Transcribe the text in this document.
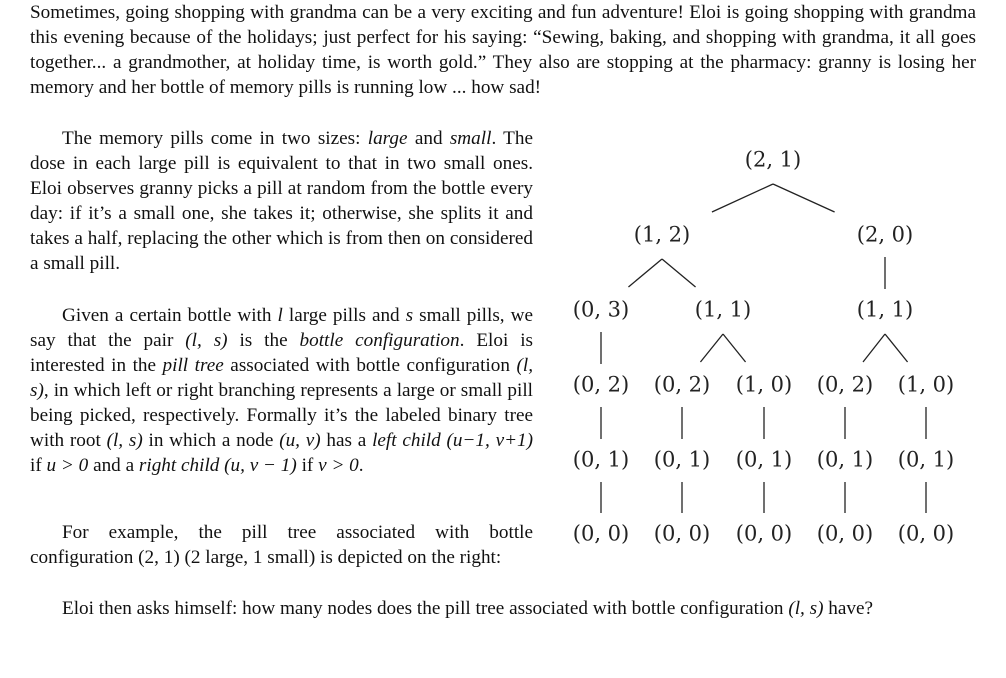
Sometimes, going shopping with grandma can be a very exciting and fun adventure! Eloi is going shopping with grandma this evening because of the holidays; just perfect for his saying: “Sewing, baking, and shopping with grandma, it all goes together... a grandmother, at holiday time, is worth gold.” They also are stopping at the pharmacy: granny is losing her memory and her bottle of memory pills is running low ... how sad!

The memory pills come in two sizes: large and small. The dose in each large pill is equivalent to that in two small ones. Eloi observes granny picks a pill at random from the bottle every day: if it’s a small one, she takes it; otherwise, she splits it and takes a half, replacing the other which is from then on considered a small pill.

Given a certain bottle with l large pills and s small pills, we say that the pair (l, s) is the bottle configuration. Eloi is interested in the pill tree associated with bottle configuration (l, s), in which left or right branching represents a large or small pill being picked, respectively. Formally it’s the labeled binary tree with root (l, s) in which a node (u, v) has a left child (u−1, v+1) if u > 0 and a right child (u, v − 1) if v > 0.

For example, the pill tree associated with bottle configuration (2, 1) (2 large, 1 small) is depicted on the right:

Eloi then asks himself: how many nodes does the pill tree associated with bottle configuration (l, s) have?

(2, 1)
(1, 2)	(2, 0)
(0, 3)	(1, 1)	(1, 1)
(0, 2) (0, 2) (1, 0) (0, 2) (1, 0)
(0, 1) (0, 1) (0, 1) (0, 1) (0, 1)
(0, 0) (0, 0) (0, 0) (0, 0) (0, 0)
